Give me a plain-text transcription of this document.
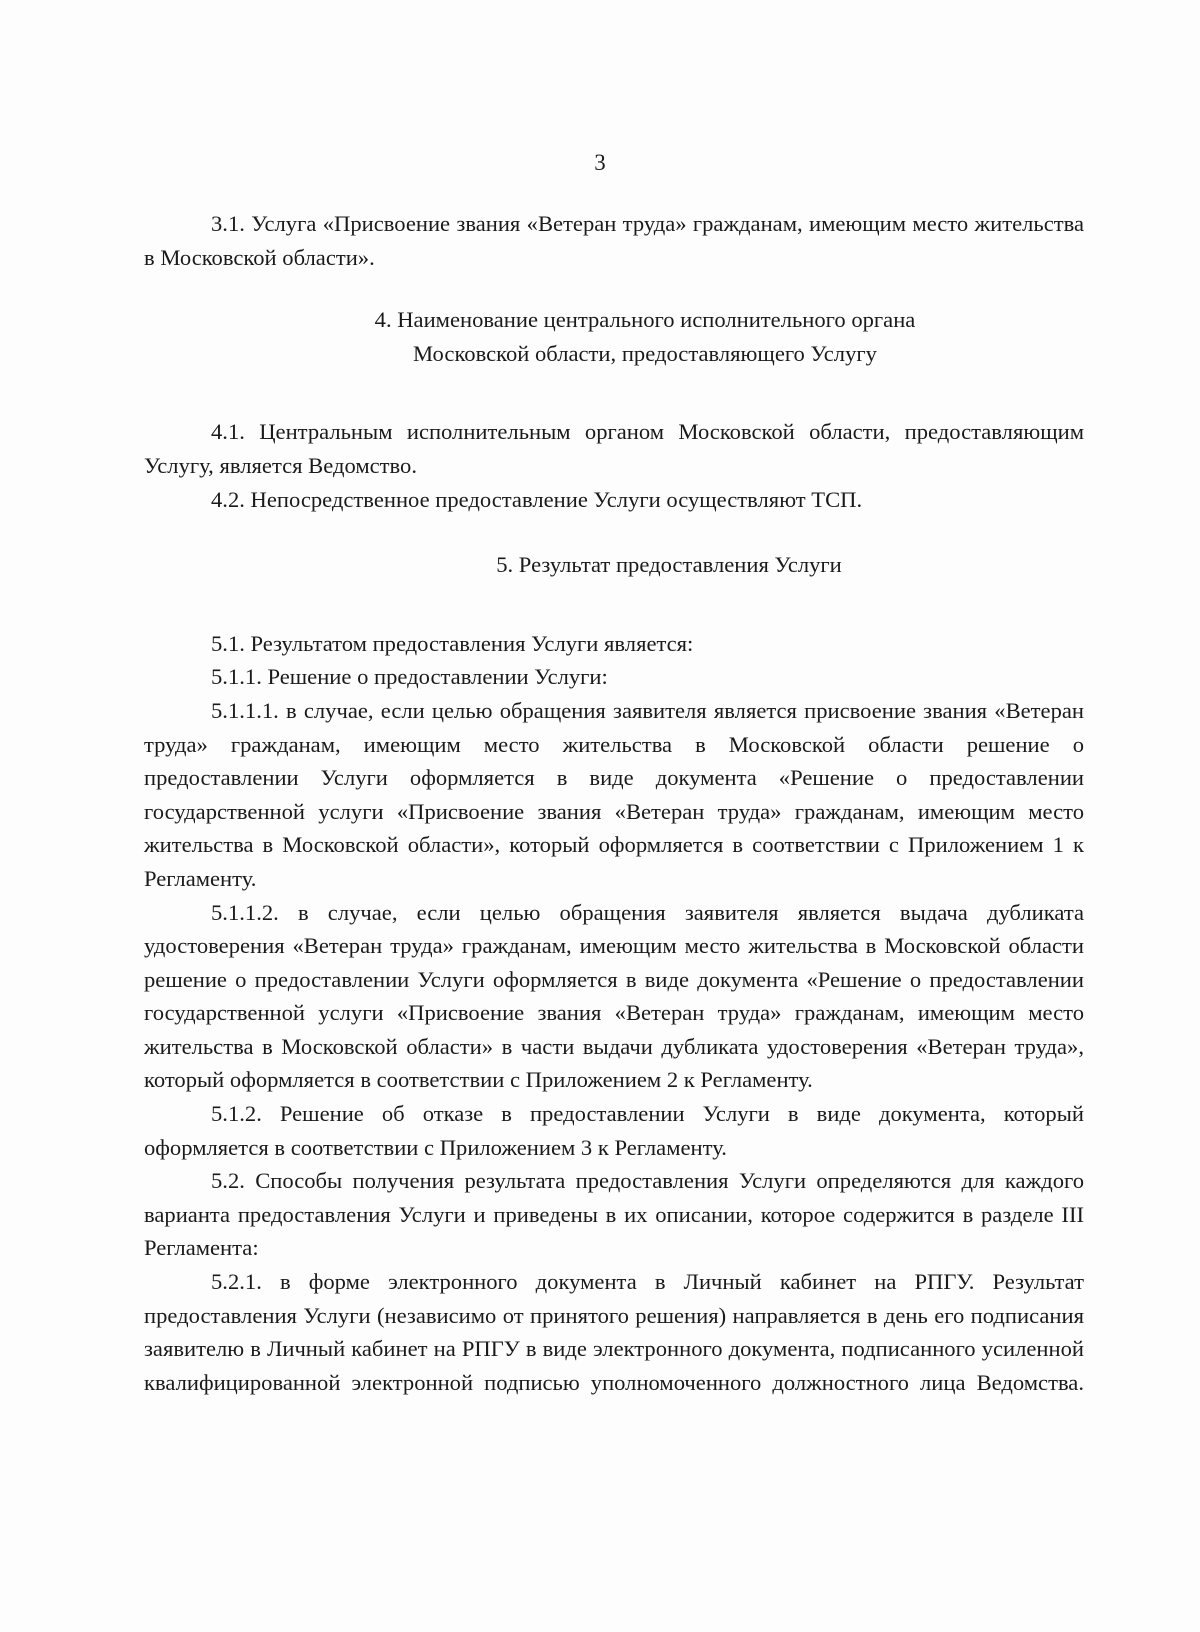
3

3.1. Услуга «Присвоение звания «Ветеран труда» гражданам, имеющим место жительства в Московской области».

4. Наименование центрального исполнительного органа

Московской области, предоставляющего Услугу

4.1. Центральным исполнительным органом Московской области, предоставляющим Услугу, является Ведомство.

4.2. Непосредственное предоставление Услуги осуществляют ТСП.

5. Результат предоставления Услуги

5.1. Результатом предоставления Услуги является:

5.1.1. Решение о предоставлении Услуги:

5.1.1.1. в случае, если целью обращения заявителя является присвоение звания «Ветеран труда» гражданам, имеющим место жительства в Московской области решение о предоставлении Услуги оформляется в виде документа «Решение о предоставлении государственной услуги «Присвоение звания «Ветеран труда» гражданам, имеющим место жительства в Московской области», который оформляется в соответствии с Приложением 1 к Регламенту.

5.1.1.2. в случае, если целью обращения заявителя является выдача дубликата удостоверения «Ветеран труда» гражданам, имеющим место жительства в Московской области решение о предоставлении Услуги оформляется в виде документа «Решение о предоставлении государственной услуги «Присвоение звания «Ветеран труда» гражданам, имеющим место жительства в Московской области» в части выдачи дубликата удостоверения «Ветеран труда», который оформляется в соответствии с Приложением 2 к Регламенту.

5.1.2. Решение об отказе в предоставлении Услуги в виде документа, который оформляется в соответствии с Приложением 3 к Регламенту.

5.2. Способы получения результата предоставления Услуги определяются для каждого варианта предоставления Услуги и приведены в их описании, которое содержится в разделе III Регламента:

5.2.1. в форме электронного документа в Личный кабинет на РПГУ. Результат предоставления Услуги (независимо от принятого решения) направляется в день его подписания заявителю в Личный кабинет на РПГУ в виде электронного документа, подписанного усиленной квалифицированной электронной подписью уполномоченного должностного лица Ведомства.
